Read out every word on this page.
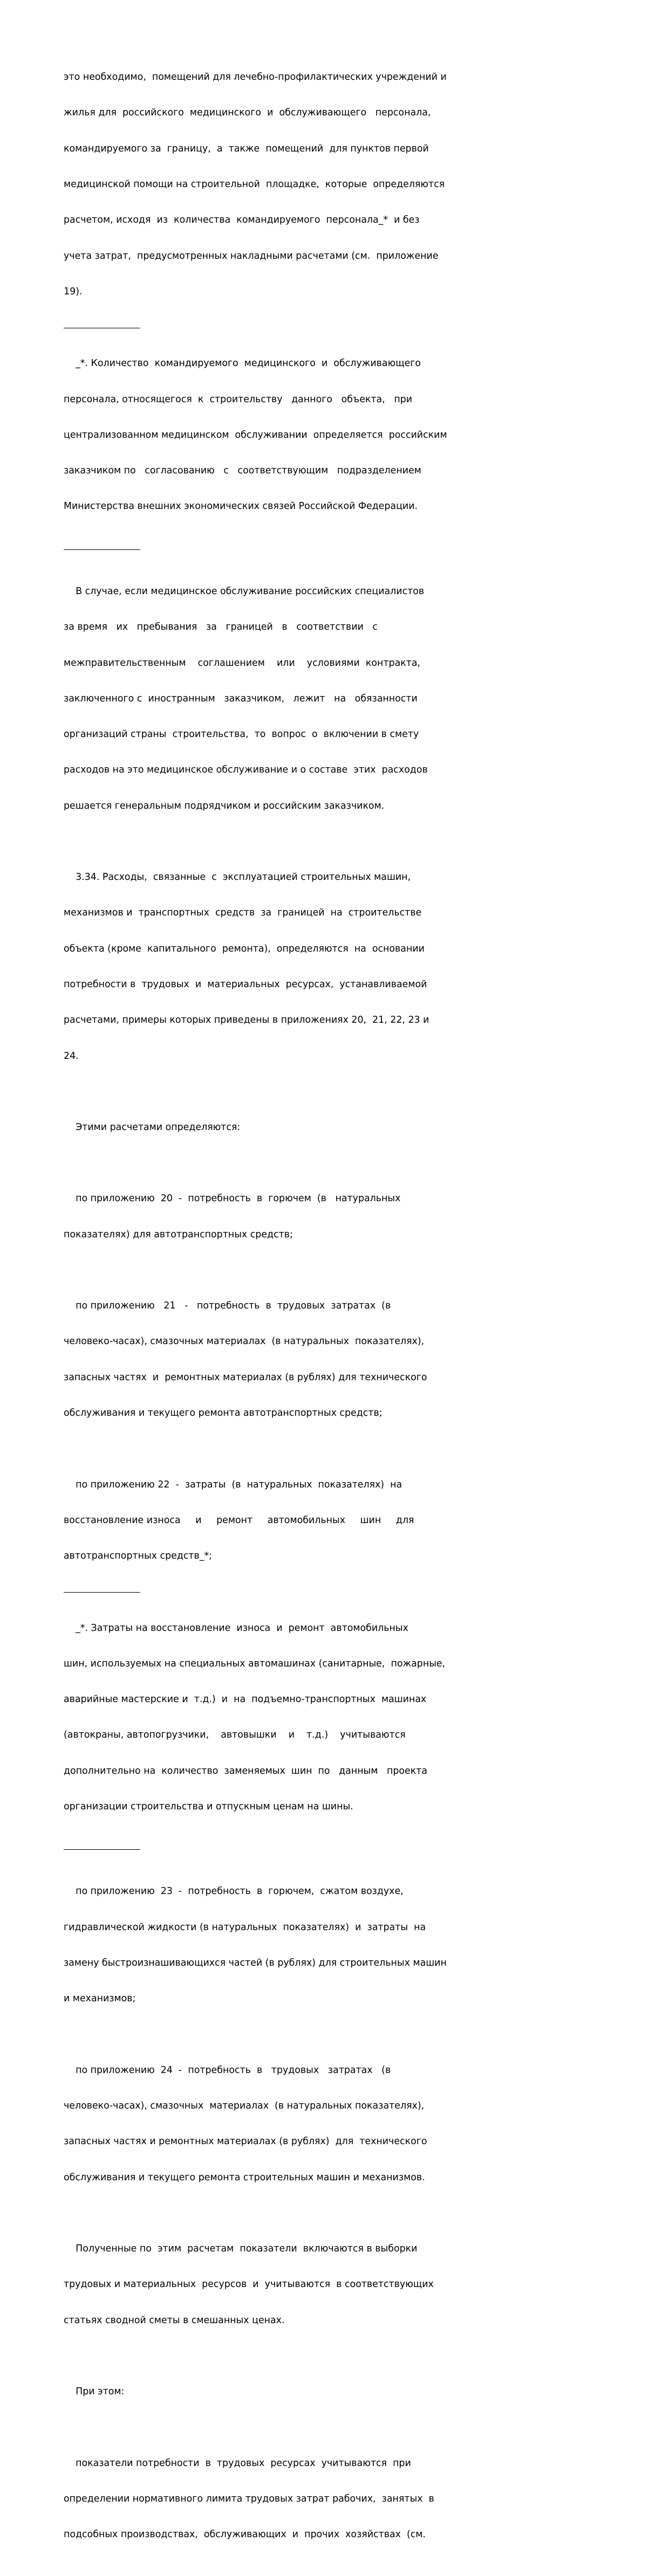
это необходимо,  помещений для лечебно-профилактических учреждений и

жилья для  российского  медицинского  и  обслуживающего   персонала,

командируемого за  границу,  а  также  помещений  для пунктов первой

медицинской помощи на строительной  площадке,  которые  определяются

расчетом, исходя  из  количества  командируемого  персонала_*  и без

учета затрат,  предусмотренных накладными расчетами (см.  приложение

19).

_*. Количество  командируемого  медицинского  и  обслуживающего

персонала, относящегося  к  строительству   данного   объекта,   при

централизованном медицинском  обслуживании  определяется  российским

заказчиком по   согласованию   с   соответствующим   подразделением

Министерства внешних экономических связей Российской Федерации.

В случае, если медицинское обслуживание российских специалистов

за время   их   пребывания   за   границей   в   соответствии   с

межправительственным    соглашением    или    условиями  контракта,

заключенного с  иностранным   заказчиком,   лежит   на   обязанности

организаций страны  строительства,  то  вопрос  о  включении в смету

расходов на это медицинское обслуживание и о составе  этих  расходов

решается генеральным подрядчиком и российским заказчиком.

3.34. Расходы,  связанные  с  эксплуатацией строительных машин,

механизмов и  транспортных  средств  за  границей  на  строительстве

объекта (кроме  капитального  ремонта),  определяются  на  основании

потребности в  трудовых  и  материальных  ресурсах,  устанавливаемой

расчетами, примеры которых приведены в приложениях 20,  21, 22, 23 и

24.

Этими расчетами определяются:

по приложению  20  -  потребность  в  горючем  (в   натуральных

показателях) для автотранспортных средств;

по приложению   21   -   потребность  в  трудовых  затратах  (в

человеко-часах), смазочных материалах  (в натуральных  показателях),

запасных частях  и  ремонтных материалах (в рублях) для технического

обслуживания и текущего ремонта автотранспортных средств;

по приложению 22  -  затраты  (в  натуральных  показателях)  на

восстановление износа     и     ремонт     автомобильных     шин     для

автотранспортных средств_*;

_*. Затраты на восстановление  износа  и  ремонт  автомобильных

шин, используемых на специальных автомашинах (санитарные,  пожарные,

аварийные мастерские и  т.д.)  и  на  подъемно-транспортных  машинах

(автокраны, автопогрузчики,    автовышки    и    т.д.)    учитываются

дополнительно на  количество  заменяемых  шин  по   данным   проекта

организации строительства и отпускным ценам на шины.

по приложению  23  -  потребность  в  горючем,  сжатом воздухе,

гидравлической жидкости (в натуральных  показателях)  и  затраты  на

замену быстроизнашивающихся частей (в рублях) для строительных машин

и механизмов;

по приложению  24  -  потребность  в   трудовых   затратах   (в

человеко-часах), смазочных  материалах  (в натуральных показателях),

запасных частях и ремонтных материалах (в рублях)  для  технического

обслуживания и текущего ремонта строительных машин и механизмов.

Полученные по  этим  расчетам  показатели  включаются в выборки

трудовых и материальных  ресурсов  и  учитываются  в соответствующих

статьях сводной сметы в смешанных ценах.

При этом:

показатели потребности  в  трудовых  ресурсах  учитываются  при

определении нормативного лимита трудовых затрат рабочих,  занятых  в

подсобных производствах,  обслуживающих  и  прочих  хозяйствах  (см.
